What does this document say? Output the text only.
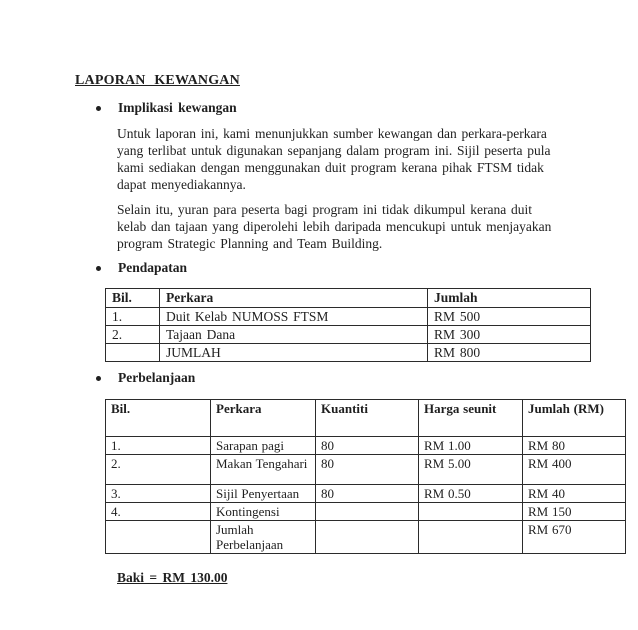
LAPORAN KEWANGAN
Implikasi kewangan

Untuk laporan ini, kami menunjukkan sumber kewangan dan perkara-perkara yang terlibat untuk digunakan sepanjang dalam program ini. Sijil peserta pula kami sediakan dengan menggunakan duit program kerana pihak FTSM tidak dapat menyediakannya.

Selain itu, yuran para peserta bagi program ini tidak dikumpul kerana duit kelab dan tajaan yang diperolehi lebih daripada mencukupi untuk menjayakan program Strategic Planning and Team Building.

Pendapatan
Bil.	Perkara	Jumlah
1.	Duit Kelab NUMOSS FTSM	RM 500
2.	Tajaan Dana	RM 300
	JUMLAH	RM 800
Perbelanjaan
Bil.	Perkara	Kuantiti	Harga seunit	Jumlah (RM)
1.	Sarapan pagi	80	RM 1.00	RM 80
2.	Makan Tengahari	80	RM 5.00	RM 400
3.	Sijil Penyertaan	80	RM 0.50	RM 40
4.	Kontingensi			RM 150
	Jumlah Perbelanjaan			RM 670

Baki = RM 130.00
